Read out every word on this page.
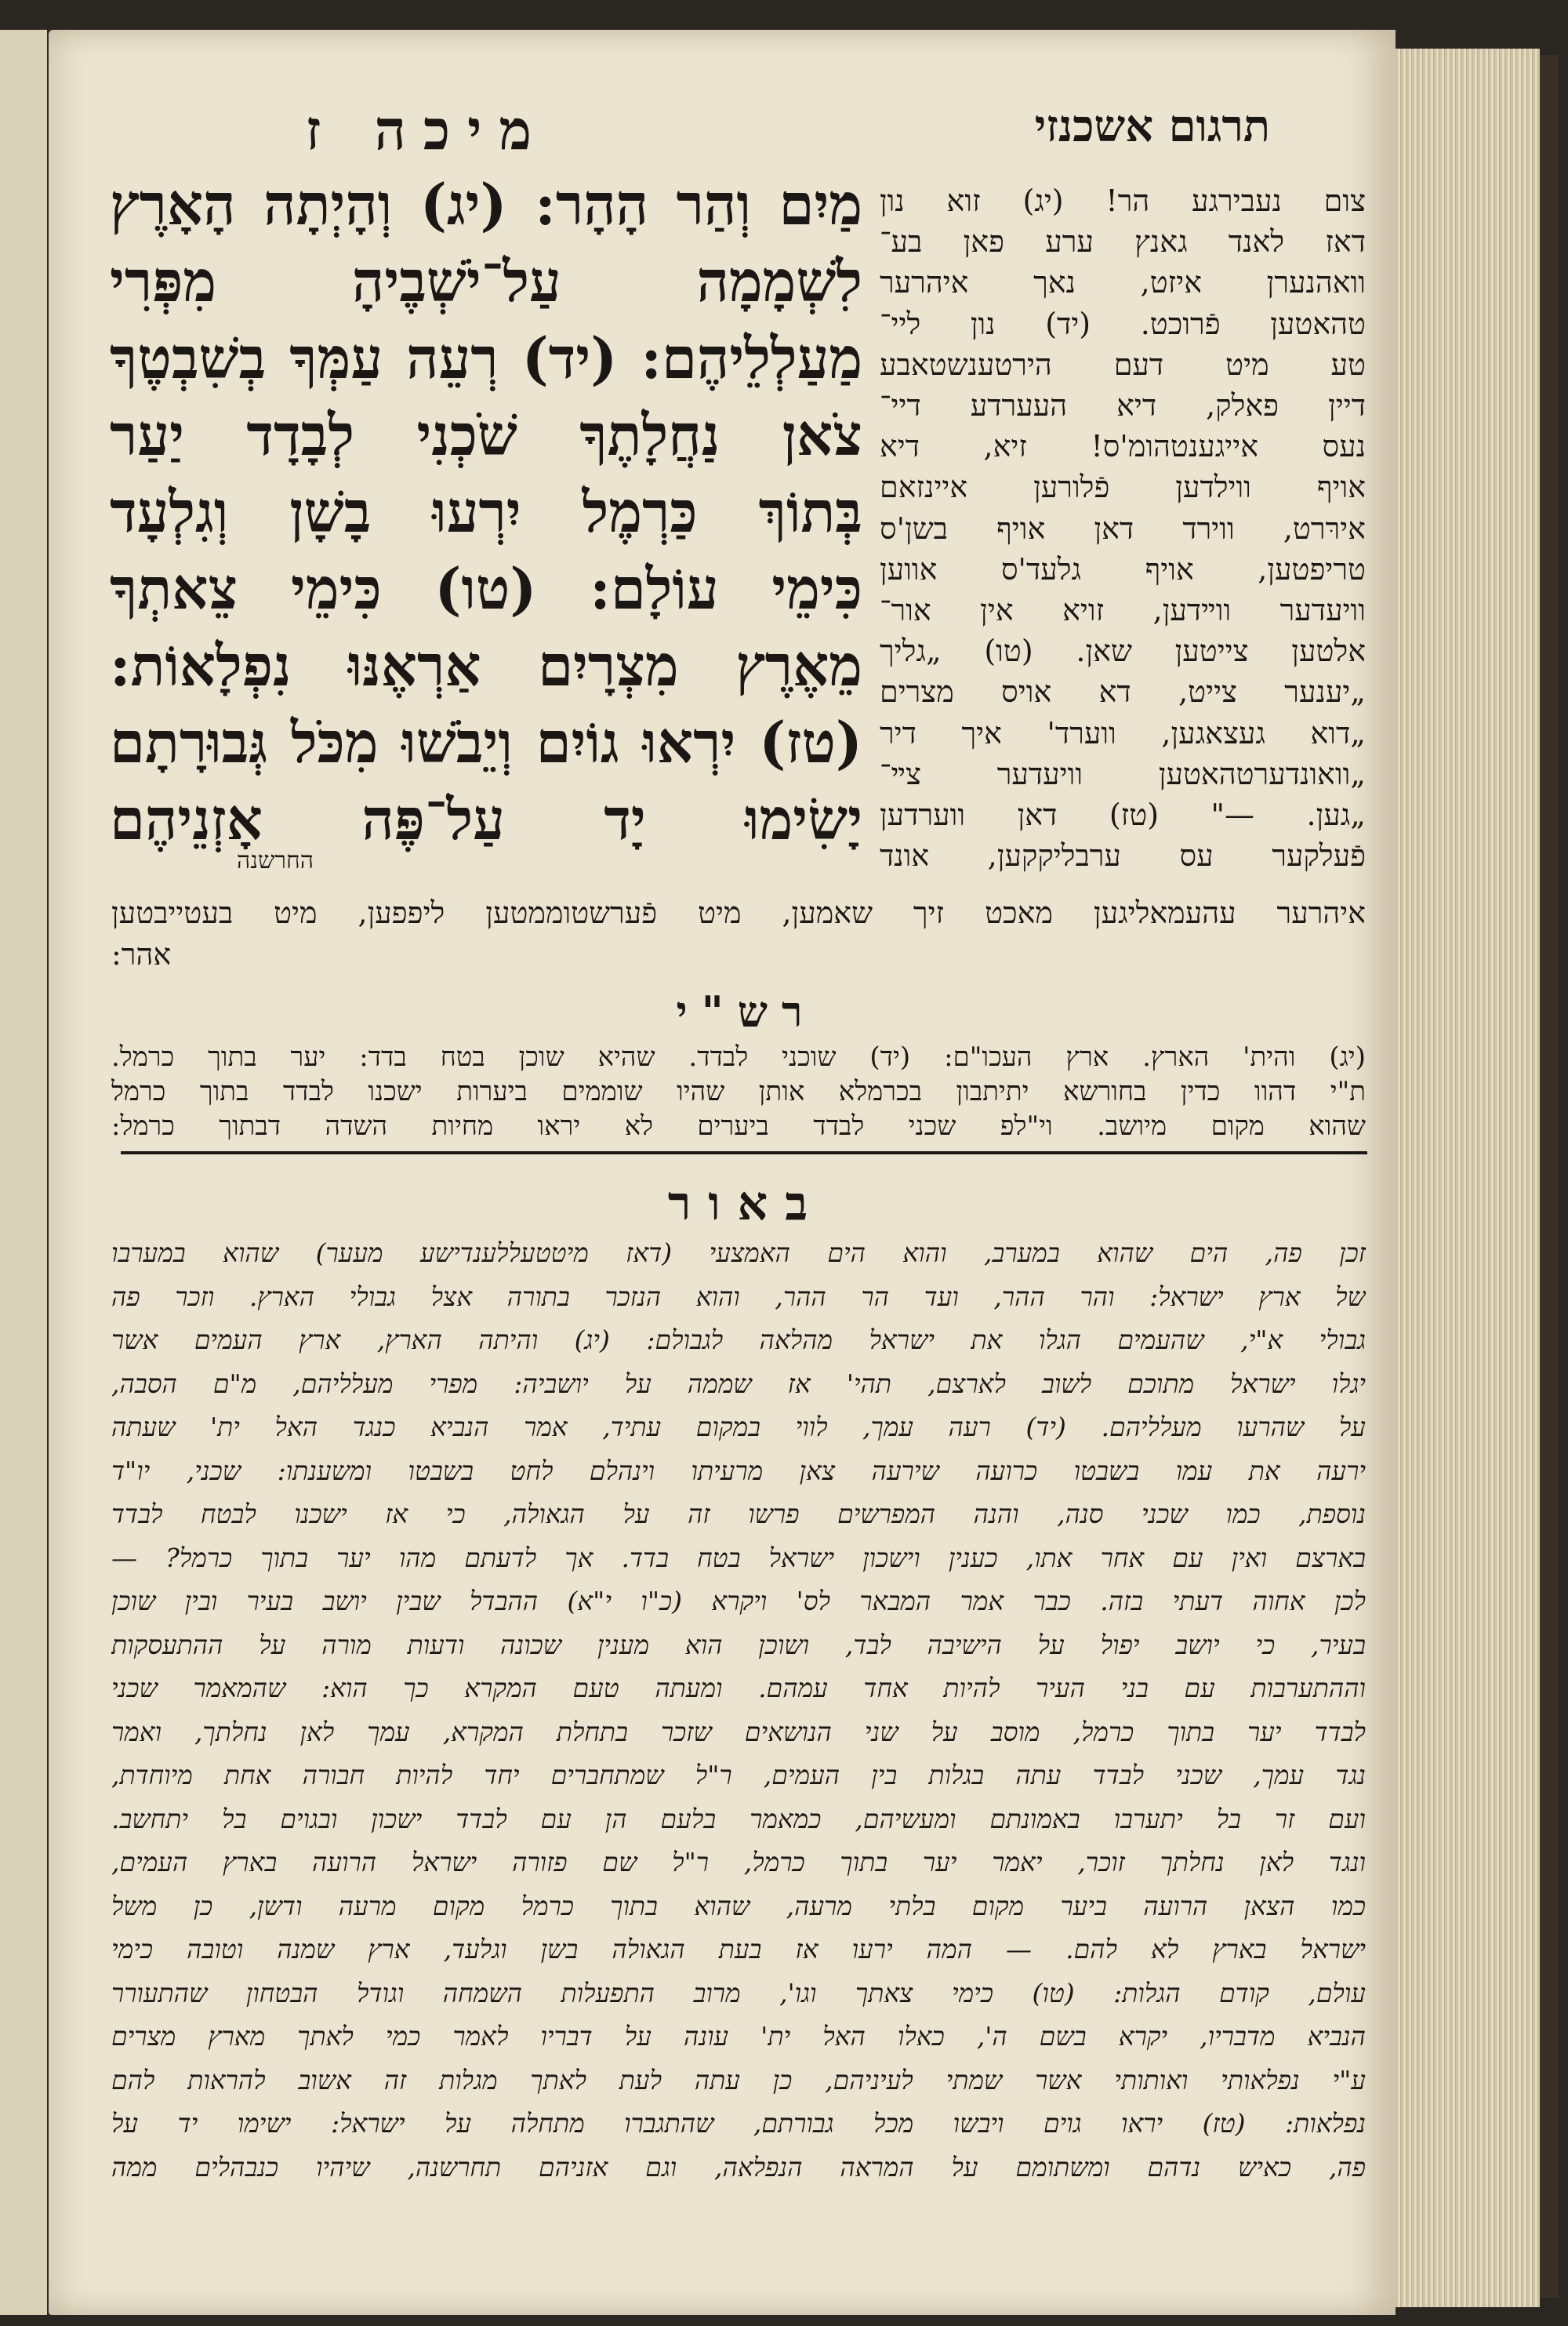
תרגום אשכנזי
מיכה ז
מַיִם וְהַר הָהָר: (יג) וְהָיְתָה הָאָרֶץ
לִשְׁמָמָה עַל־יֹשְׁבֶיהָ מִפְּרִי
מַעַלְלֵיהֶם: (יד) רְעֵה עַמְּךָ בְשִׁבְטֶךָ
צֹאן נַחֲלָתֶךָ שֹׁכְנִי לְבָדָד יַעַר
בְּתוֹךְ כַּרְמֶל יִרְעוּ בָשָׁן וְגִלְעָד
כִּימֵי עוֹלָם: (טו) כִּימֵי צֵאתְךָ
מֵאֶרֶץ מִצְרָיִם אַרְאֶנּוּ נִפְלָאוֹת:
(טז) יִרְאוּ גוֹיִם וְיֵבֹשׁוּ מִכֹּל גְּבוּרָתָם
יָשִׂימוּ יָד עַל־פֶּה אָזְנֵיהֶם
צום נעבירגע הר! (יג) זוא נון
דאז לאנד גאנץ ערע פאן בע־
וואהנערן איזט, נאך איהרער
טהאטען פֿרוכט. (יד) נון ליי־
טע מיט דעם הירטענשטאבע
דיין פאלק, דיא העערדע דיי־
נעס אייגענטהומ'ס! זיא, דיא
אויף ווילדען פֿלורען איינזאם
אירּרט, ווירד דאן אויף בשן'ס
טריפטען, אויף גלעד'ס אווען
וויעדער ווײדען, זויא אין אור־
אלטען צייטען שאן. (טו) „גליך
„יענער צייט, דא אויס מצרים
„דוא געצאגען, ווערד' איך דיר
„וואונדערטהאטען וויעדער צײ־
„גען. —" (טז) דאן ווערדען
פֿעלקער עס ערבליקקען, אונד
החרשנה
איהרער עהעמאליגען מאכט זיך שאמען, מיט פֿערשטוממטען ליפפען, מיט בעטייבטען
אהר:
רש"י
(יג) והית' הארץ. ארץ העכו"ם: (יד) שוכני לבדד. שהיא שוכן בטח בדד: יער בתוך כרמל.
ת"י דהוו כדין בחורשא יתיתבון בכרמלא אותן שהיו שוממים ביערות ישכנו לבדד בתוך כרמל
שהוא מקום מיושב. וי"לפ שכני לבדד ביערים לא יראו מחיות השדה דבתוך כרמל:
באור
זכן פה, הים שהוא במערב, והוא הים האמצעי (דאז מיטטעללענדישע מעער) שהוא במערבו
של ארץ ישראל: והר ההר, ועד הר ההר, והוא הנזכר בתורה אצל גבולי הארץ. וזכר פה
גבולי א"י, שהעמים הגלו את ישראל מהלאה לגבולם: (יג) והיתה הארץ, ארץ העמים אשר
יגלו ישראל מתוכם לשוב לארצם, תהי' אז שממה על יושביה: מפרי מעלליהם, מ"ם הסבה,
על שהרעו מעלליהם. (יד) רעה עמך, לווי במקום עתיד, אמר הנביא כנגד האל ית' שעתה
ירעה את עמו בשבטו כרועה שירעה צאן מרעיתו וינהלם לחט בשבטו ומשענתו: שכני, יו"ד
נוספת, כמו שכני סנה, והנה המפרשים פרשו זה על הגאולה, כי אז ישכנו לבטח לבדד
בארצם ואין עם אחר אתו, כענין וישכון ישראל בטח בדד. אך לדעתם מהו יער בתוך כרמל? —
לכן אחוה דעתי בזה. כבר אמר המבאר לס' ויקרא (כ"ו י"א) ההבדל שבין יושב בעיר ובין שוכן
בעיר, כי יושב יפול על הישיבה לבד, ושוכן הוא מענין שכונה ודעות מורה על ההתעסקות
וההתערבות עם בני העיר להיות אחד עמהם. ומעתה טעם המקרא כך הוא: שהמאמר שכני
לבדד יער בתוך כרמל, מוסב על שני הנושאים שזכר בתחלת המקרא, עמך לאן נחלתך, ואמר
נגד עמך, שכני לבדד עתה בגלות בין העמים, ר"ל שמתחברים יחד להיות חבורה אחת מיוחדת,
ועם זר בל יתערבו באמונתם ומעשיהם, כמאמר בלעם הן עם לבדד ישכון ובגוים בל יתחשב.
ונגד לאן נחלתך זוכר, יאמר יער בתוך כרמל, ר"ל שם פזורה ישראל הרועה בארץ העמים,
כמו הצאן הרועה ביער מקום בלתי מרעה, שהוא בתוך כרמל מקום מרעה ודשן, כן משל
ישראל בארץ לא להם. — המה ירעו אז בעת הגאולה בשן וגלעד, ארץ שמנה וטובה כימי
עולם, קודם הגלות: (טו) כימי צאתך וגו', מרוב התפעלות השמחה וגודל הבטחון שהתעורר
הנביא מדבריו, יקרא בשם ה', כאלו האל ית' עונה על דבריו לאמר כמי לאתך מארץ מצרים
ע"י נפלאותי ואותותי אשר שמתי לעיניהם, כן עתה לעת לאתך מגלות זה אשוב להראות להם
נפלאות: (טז) יראו גוים ויבשו מכל גבורתם, שהתגברו מתחלה על ישראל: ישימו יד על
פה, כאיש נדהם ומשתומם על המראה הנפלאה, וגם אזניהם תחרשנה, שיהיו כנבהלים ממה
